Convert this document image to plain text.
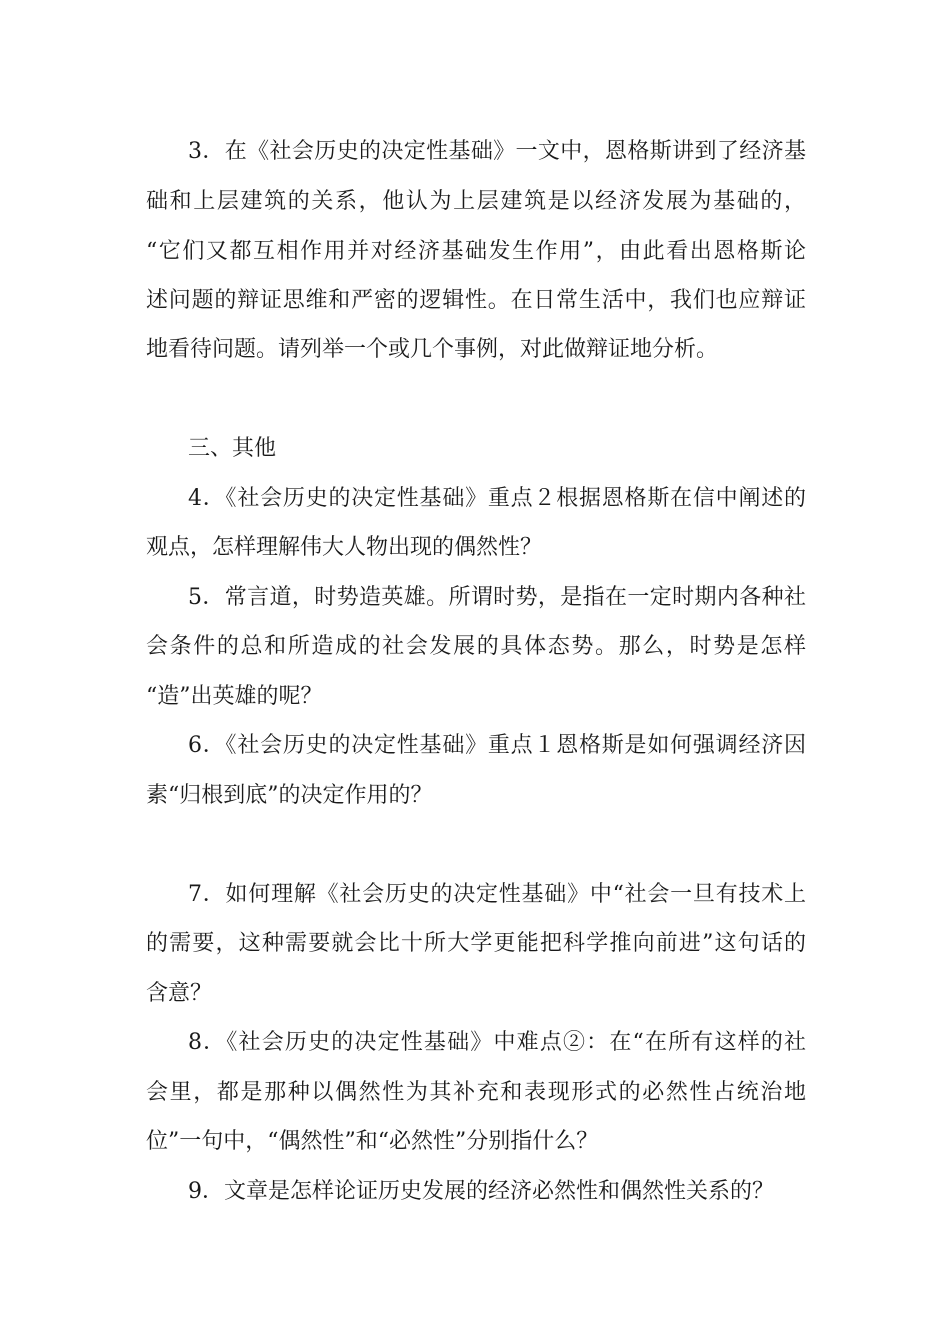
3．在《社会历史的决定性基础》一文中，恩格斯讲到了经济基
础和上层建筑的关系，他认为上层建筑是以经济发展为基础的，
“它们又都互相作用并对经济基础发生作用”，由此看出恩格斯论
述问题的辩证思维和严密的逻辑性。在日常生活中，我们也应辩证
地看待问题。请列举一个或几个事例，对此做辩证地分析。
三、其他
4．《社会历史的决定性基础》重点２根据恩格斯在信中阐述的
观点，怎样理解伟大人物出现的偶然性？
5．常言道，时势造英雄。所谓时势，是指在一定时期内各种社
会条件的总和所造成的社会发展的具体态势。那么，时势是怎样
“造”出英雄的呢？
6．《社会历史的决定性基础》重点１恩格斯是如何强调经济因
素“归根到底”的决定作用的？
7．如何理解《社会历史的决定性基础》中“社会一旦有技术上
的需要，这种需要就会比十所大学更能把科学推向前进”这句话的
含意？
8．《社会历史的决定性基础》中难点②：在“在所有这样的社
会里，都是那种以偶然性为其补充和表现形式的必然性占统治地
位”一句中，“偶然性”和“必然性”分别指什么？
9．文章是怎样论证历史发展的经济必然性和偶然性关系的？
